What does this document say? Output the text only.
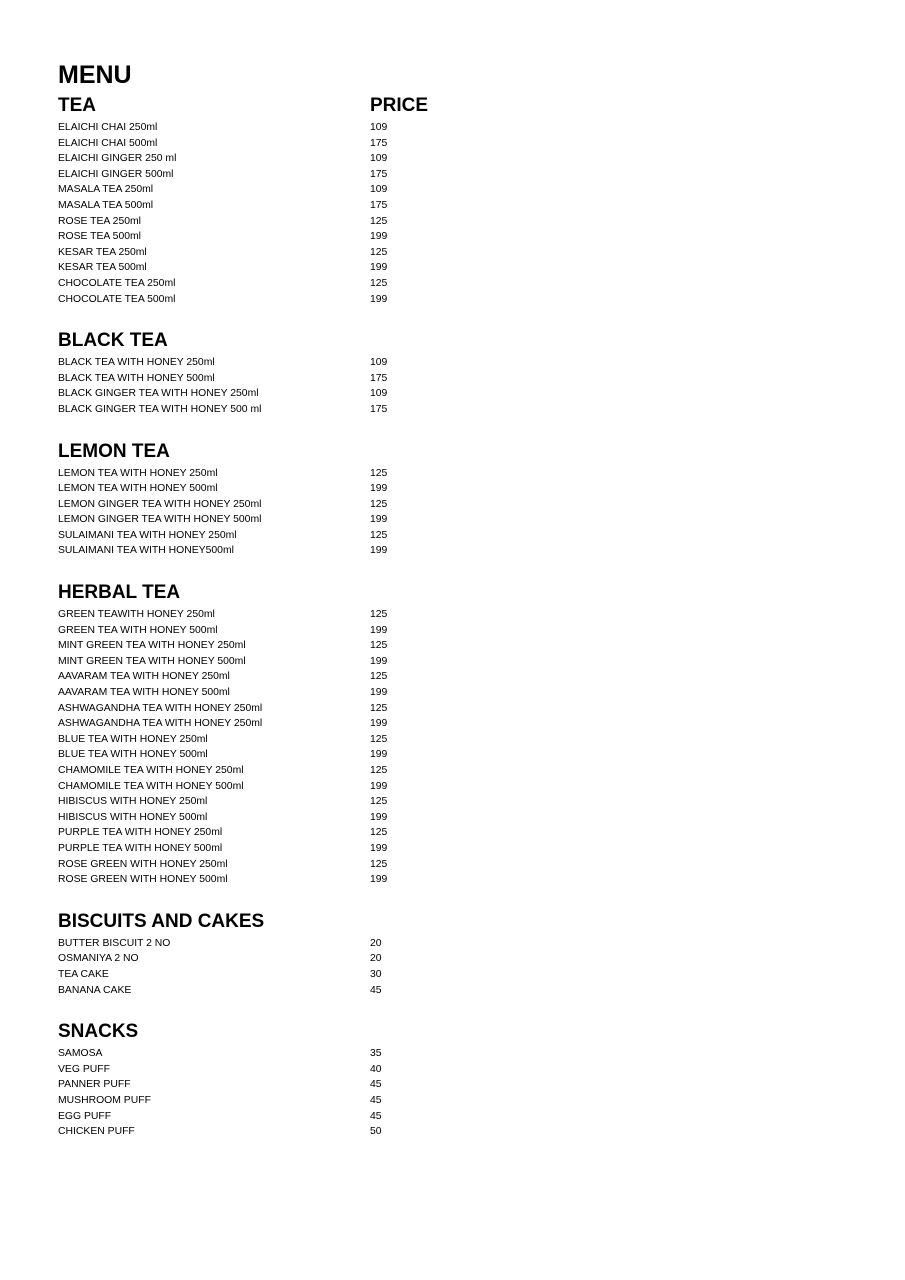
MENU
TEA	PRICE
ELAICHI CHAI 250ml	109
ELAICHI CHAI 500ml	175
ELAICHI GINGER 250 ml	109
ELAICHI GINGER 500ml	175
MASALA TEA 250ml	109
MASALA TEA 500ml	175
ROSE TEA 250ml	125
ROSE TEA 500ml	199
KESAR TEA 250ml	125
KESAR TEA 500ml	199
CHOCOLATE TEA 250ml	125
CHOCOLATE TEA 500ml	199
BLACK TEA
BLACK TEA WITH HONEY 250ml	109
BLACK TEA WITH HONEY 500ml	175
BLACK GINGER TEA WITH HONEY 250ml	109
BLACK GINGER TEA WITH HONEY 500 ml	175
LEMON TEA
LEMON TEA WITH HONEY 250ml	125
LEMON TEA WITH HONEY 500ml	199
LEMON GINGER TEA WITH HONEY 250ml	125
LEMON GINGER TEA WITH HONEY 500ml	199
SULAIMANI TEA WITH HONEY 250ml	125
SULAIMANI TEA WITH HONEY500ml	199
HERBAL TEA
GREEN TEAWITH HONEY 250ml	125
GREEN TEA WITH HONEY 500ml	199
MINT GREEN TEA WITH HONEY 250ml	125
MINT GREEN TEA WITH HONEY 500ml	199
AAVARAM TEA WITH HONEY 250ml	125
AAVARAM TEA WITH HONEY 500ml	199
ASHWAGANDHA TEA WITH HONEY 250ml	125
ASHWAGANDHA TEA WITH HONEY 250ml	199
BLUE TEA WITH HONEY 250ml	125
BLUE TEA WITH HONEY 500ml	199
CHAMOMILE TEA WITH HONEY 250ml	125
CHAMOMILE TEA WITH HONEY 500ml	199
HIBISCUS WITH HONEY 250ml	125
HIBISCUS WITH HONEY 500ml	199
PURPLE TEA WITH HONEY 250ml	125
PURPLE TEA WITH HONEY 500ml	199
ROSE GREEN WITH HONEY 250ml	125
ROSE GREEN WITH HONEY 500ml	199
BISCUITS AND CAKES
BUTTER BISCUIT 2 NO	20
OSMANIYA 2 NO	20
TEA CAKE	30
BANANA CAKE	45
SNACKS
SAMOSA	35
VEG PUFF	40
PANNER PUFF	45
MUSHROOM PUFF	45
EGG PUFF	45
CHICKEN PUFF	50
